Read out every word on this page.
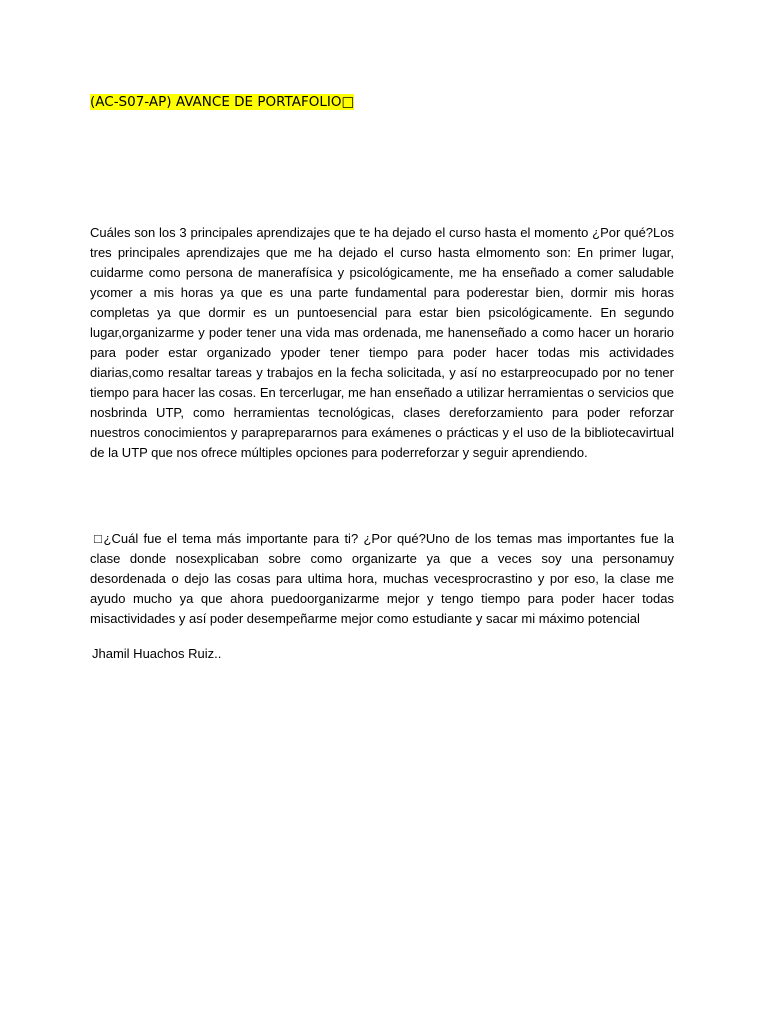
(AC-S07-AP) AVANCE DE PORTAFOLIO□

Cuáles son los 3 principales aprendizajes que te ha dejado el curso hasta el momento ¿Por qué?Los tres principales aprendizajes que me ha dejado el curso hasta elmomento son: En primer lugar, cuidarme como persona de manerafísica y psicológicamente, me ha enseñado a comer saludable ycomer a mis horas ya que es una parte fundamental para poderestar bien, dormir mis horas completas ya que dormir es un puntoesencial para estar bien psicológicamente. En segundo lugar,organizarme y poder tener una vida mas ordenada, me hanenseñado a como hacer un horario para poder estar organizado ypoder tener tiempo para poder hacer todas mis actividades diarias,como resaltar tareas y trabajos en la fecha solicitada, y así no estarpreocupado por no tener tiempo para hacer las cosas. En tercerlugar, me han enseñado a utilizar herramientas o servicios que nosbrinda UTP, como herramientas tecnológicas, clases dereforzamiento para poder reforzar nuestros conocimientos y paraprepararnos para exámenes o prácticas y el uso de la bibliotecavirtual de la UTP que nos ofrece múltiples opciones para poderreforzar y seguir aprendiendo.

□¿Cuál fue el tema más importante para ti? ¿Por qué?Uno de los temas mas importantes fue la clase donde nosexplicaban sobre como organizarte ya que a veces soy una personamuy desordenada o dejo las cosas para ultima hora, muchas vecesprocrastino y por eso, la clase me ayudo mucho ya que ahora puedoorganizarme mejor y tengo tiempo para poder hacer todas misactividades y así poder desempeñarme mejor como estudiante y sacar mi máximo potencial

Jhamil Huachos Ruiz..
